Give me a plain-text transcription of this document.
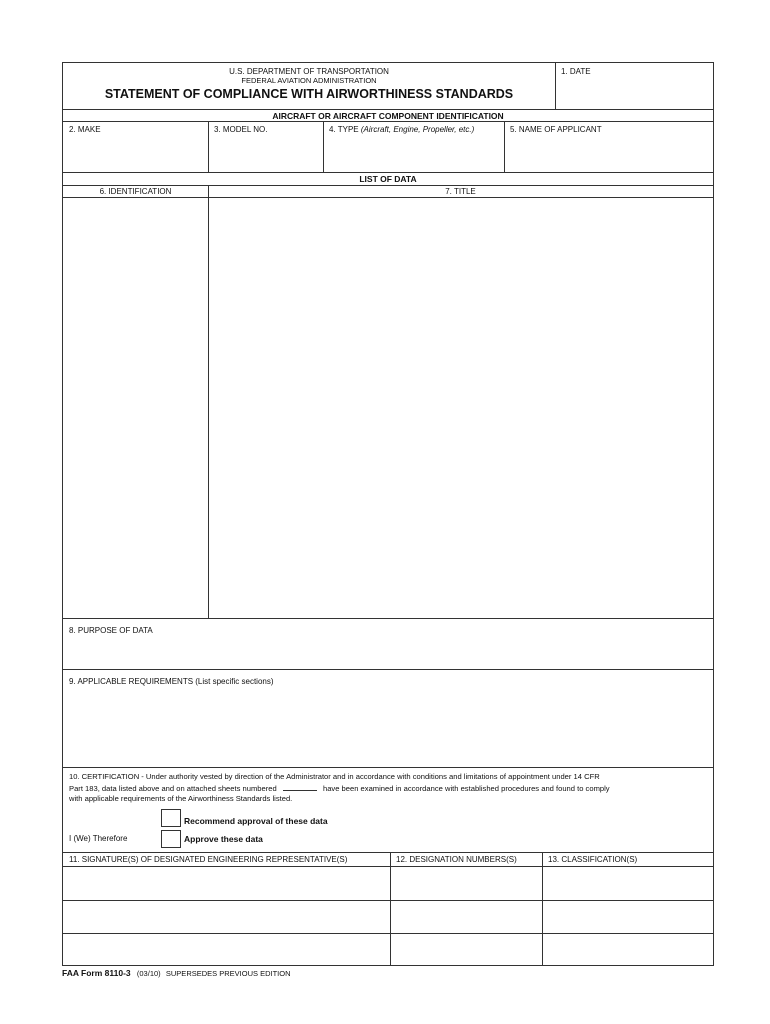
U.S. DEPARTMENT OF TRANSPORTATION
FEDERAL AVIATION ADMINISTRATION
STATEMENT OF COMPLIANCE WITH AIRWORTHINESS STANDARDS
1. DATE
AIRCRAFT OR AIRCRAFT COMPONENT IDENTIFICATION
2. MAKE	3. MODEL NO.	4. TYPE (Aircraft, Engine, Propeller, etc.)	5. NAME OF APPLICANT
LIST OF DATA
6. IDENTIFICATION	7. TITLE
8. PURPOSE OF DATA
9. APPLICABLE REQUIREMENTS (List specific sections)
10. CERTIFICATION - Under authority vested by direction of the Administrator and in accordance with conditions and limitations of appointment under 14 CFR
Part 183, data listed above and on attached sheets numbered	have been examined in accordance with established procedures and found to comply
with applicable requirements of the Airworthiness Standards listed.
Recommend approval of these data
Approve these data
I (We) Therefore
11. SIGNATURE(S) OF DESIGNATED ENGINEERING REPRESENTATIVE(S)	12. DESIGNATION NUMBERS(S)	13. CLASSIFICATION(S)
FAA Form 8110-3 (03/10) SUPERSEDES PREVIOUS EDITION
